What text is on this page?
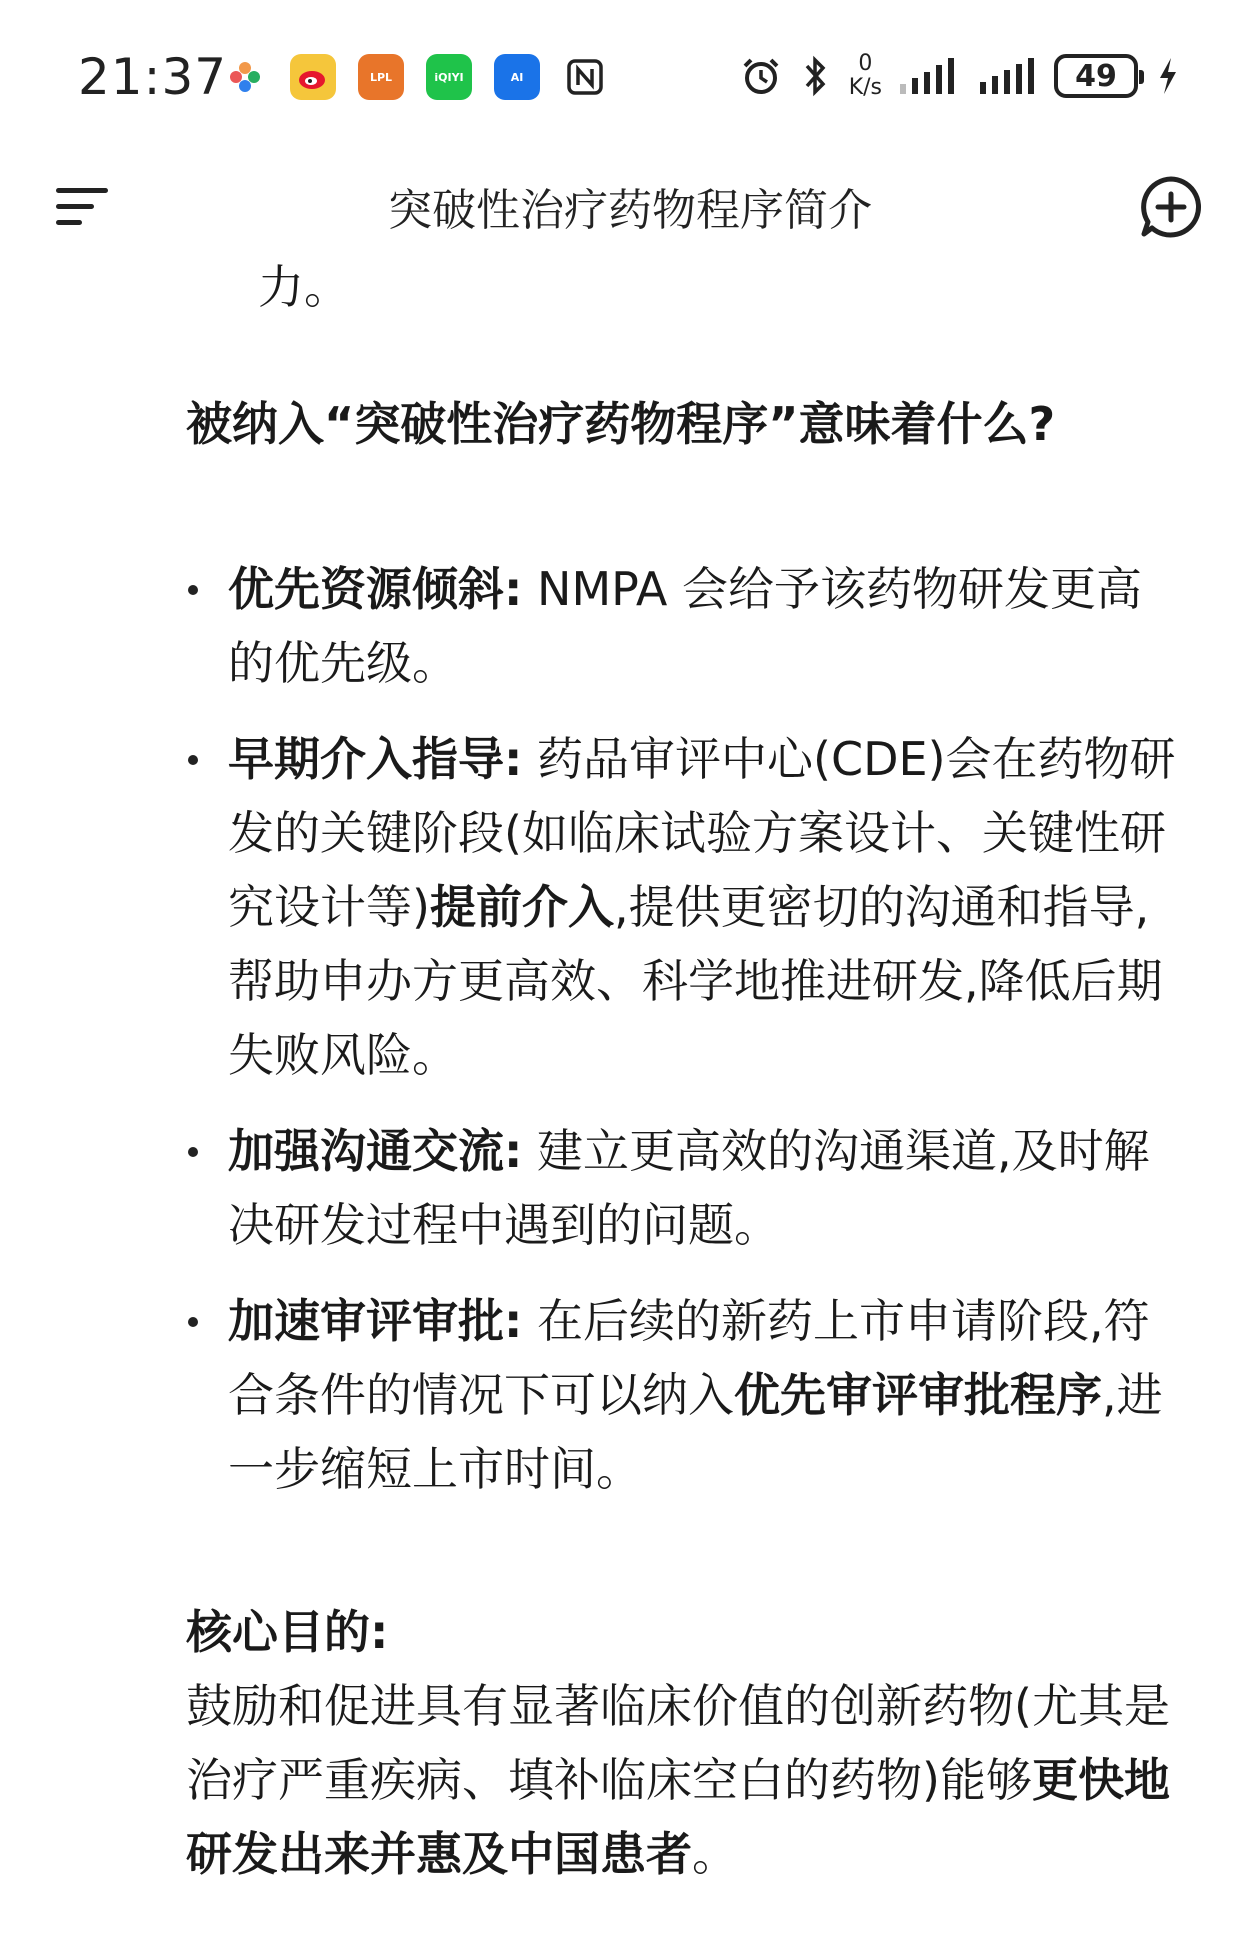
21:37	LPL	iQIYI	AI
0
K/s	49
突破性治疗药物程序简介
力。
被纳入“突破性治疗药物程序”意味着什么?
优先资源倾斜: NMPA 会给予该药物研发更高的优先级。
早期介入指导: 药品审评中心(CDE)会在药物研发的关键阶段(如临床试验方案设计、关键性研究设计等)提前介入,提供更密切的沟通和指导,帮助申办方更高效、科学地推进研发,降低后期失败风险。
加强沟通交流: 建立更高效的沟通渠道,及时解决研发过程中遇到的问题。
加速审评审批: 在后续的新药上市申请阶段,符合条件的情况下可以纳入优先审评审批程序,进一步缩短上市时间。
核心目的:
鼓励和促进具有显著临床价值的创新药物(尤其是治疗严重疾病、填补临床空白的药物)能够更快地研发出来并惠及中国患者。
